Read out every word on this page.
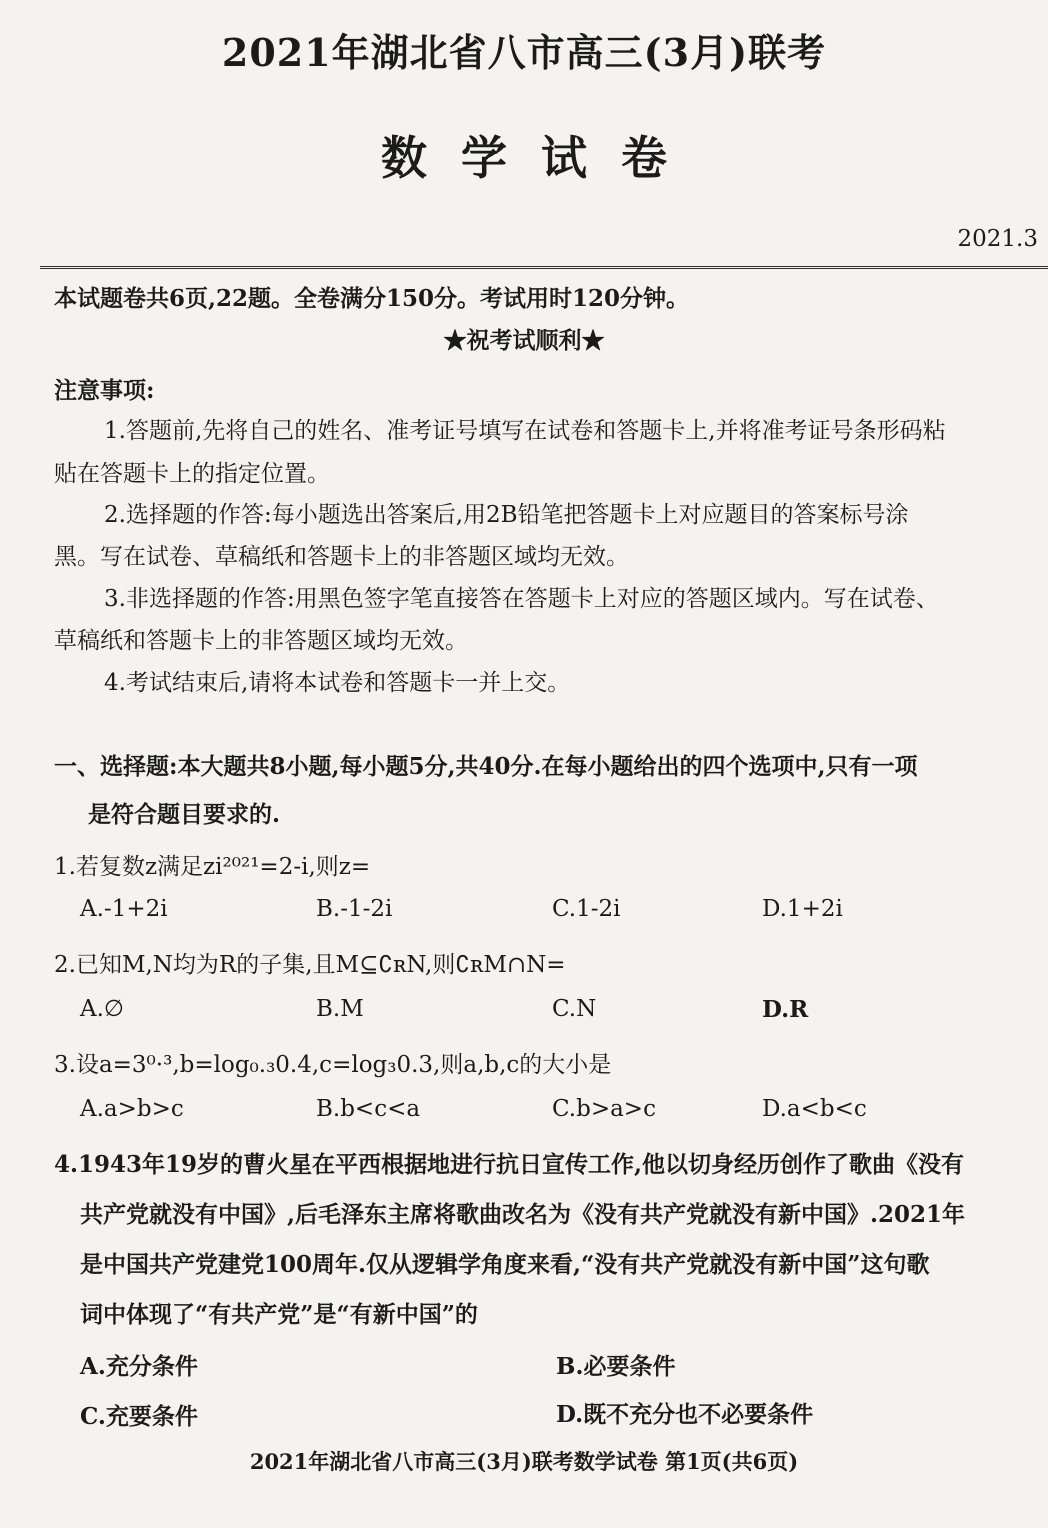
2021年湖北省八市高三(3月)联考
数学试卷
2021.3
本试题卷共6页,22题。全卷满分150分。考试用时120分钟。
★祝考试顺利★
注意事项:
1.答题前,先将自己的姓名、准考证号填写在试卷和答题卡上,并将准考证号条形码粘
贴在答题卡上的指定位置。
2.选择题的作答:每小题选出答案后,用2B铅笔把答题卡上对应题目的答案标号涂
黑。写在试卷、草稿纸和答题卡上的非答题区域均无效。
3.非选择题的作答:用黑色签字笔直接答在答题卡上对应的答题区域内。写在试卷、
草稿纸和答题卡上的非答题区域均无效。
4.考试结束后,请将本试卷和答题卡一并上交。
一、选择题:本大题共8小题,每小题5分,共40分.在每小题给出的四个选项中,只有一项
是符合题目要求的.
1.若复数z满足zi²⁰²¹=2-i,则z=
A.-1+2i	B.-1-2i	C.1-2i	D.1+2i
2.已知M,N均为R的子集,且M⊆∁ʀN,则∁ʀM∩N=
A.∅	B.M	C.N	D.R
3.设a=3⁰·³,b=log₀.₃0.4,c=log₃0.3,则a,b,c的大小是
A.a>b>c	B.b<c<a	C.b>a>c	D.a<b<c
4.1943年19岁的曹火星在平西根据地进行抗日宣传工作,他以切身经历创作了歌曲《没有
共产党就没有中国》,后毛泽东主席将歌曲改名为《没有共产党就没有新中国》.2021年
是中国共产党建党100周年.仅从逻辑学角度来看,“没有共产党就没有新中国”这句歌
词中体现了“有共产党”是“有新中国”的
A.充分条件	B.必要条件
C.充要条件	D.既不充分也不必要条件
2021年湖北省八市高三(3月)联考数学试卷 第1页(共6页)
